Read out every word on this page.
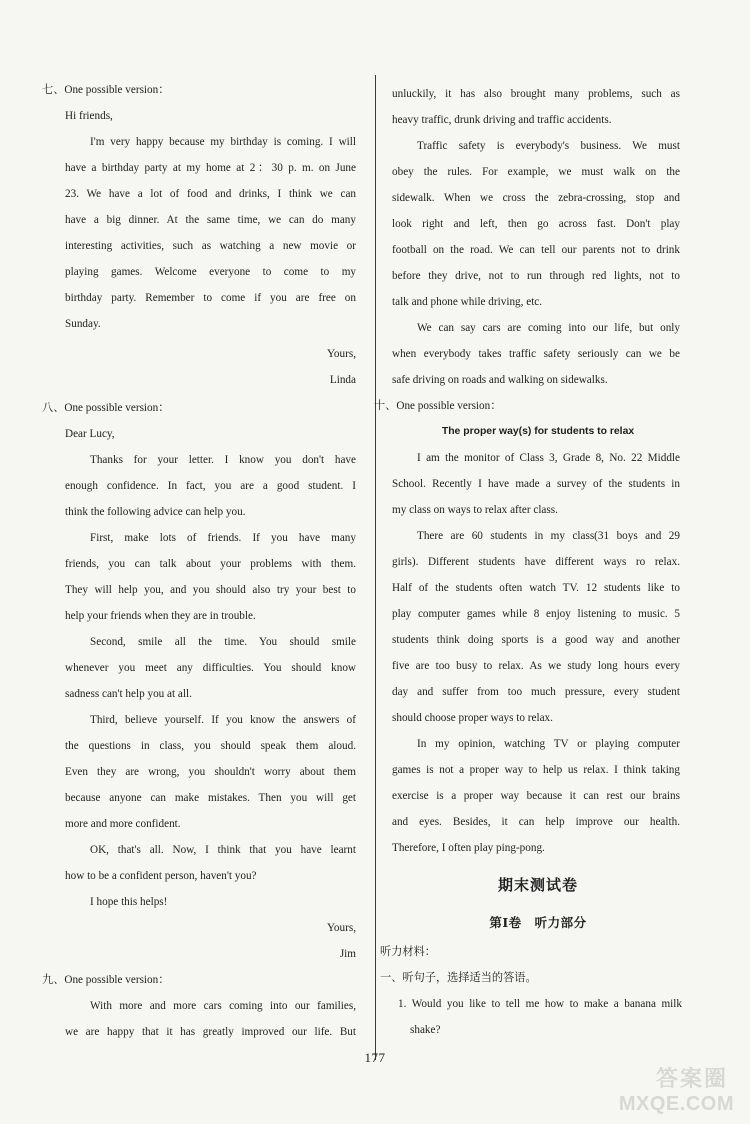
七、One possible version：
Hi friends,
I'm very happy because my birthday is coming. I will
have a birthday party at my home at 2：30 p. m. on June
23. We have a lot of food and drinks, I think we can
have a big dinner. At the same time, we can do many
interesting activities, such as watching a new movie or
playing games. Welcome everyone to come to my
birthday party. Remember to come if you are free on
Sunday.
Yours,
Linda
八、One possible version：
Dear Lucy,
Thanks for your letter. I know you don't have
enough confidence. In fact, you are a good student. I
think the following advice can help you.
First, make lots of friends. If you have many
friends, you can talk about your problems with them.
They will help you, and you should also try your best to
help your friends when they are in trouble.
Second, smile all the time. You should smile
whenever you meet any difficulties. You should know
sadness can't help you at all.
Third, believe yourself. If you know the answers of
the questions in class, you should speak them aloud.
Even they are wrong, you shouldn't worry about them
because anyone can make mistakes. Then you will get
more and more confident.
OK, that's all. Now, I think that you have learnt
how to be a confident person, haven't you?
I hope this helps!
Yours,
Jim
九、One possible version：
With more and more cars coming into our families,
we are happy that it has greatly improved our life. But
unluckily, it has also brought many problems, such as
heavy traffic, drunk driving and traffic accidents.
Traffic safety is everybody's business. We must
obey the rules. For example, we must walk on the
sidewalk. When we cross the zebra-crossing, stop and
look right and left, then go across fast. Don't play
football on the road. We can tell our parents not to drink
before they drive, not to run through red lights, not to
talk and phone while driving, etc.
We can say cars are coming into our life, but only
when everybody takes traffic safety seriously can we be
safe driving on roads and walking on sidewalks.
十、One possible version：
The proper way(s) for students to relax
I am the monitor of Class 3, Grade 8, No. 22 Middle
School. Recently I have made a survey of the students in
my class on ways to relax after class.
There are 60 students in my class(31 boys and 29
girls). Different students have different ways ro relax.
Half of the students often watch TV. 12 students like to
play computer games while 8 enjoy listening to music. 5
students think doing sports is a good way and another
five are too busy to relax. As we study long hours every
day and suffer from too much pressure, every student
should choose proper ways to relax.
In my opinion, watching TV or playing computer
games is not a proper way to help us relax. I think taking
exercise is a proper way because it can rest our brains
and eyes. Besides, it can help improve our health.
Therefore, I often play ping-pong.
期末测试卷
第Ⅰ卷　听力部分
听力材料：
一、听句子，选择适当的答语。
1. Would you like to tell me how to make a banana milk
shake?
177
答案圈
MXQE.COM
